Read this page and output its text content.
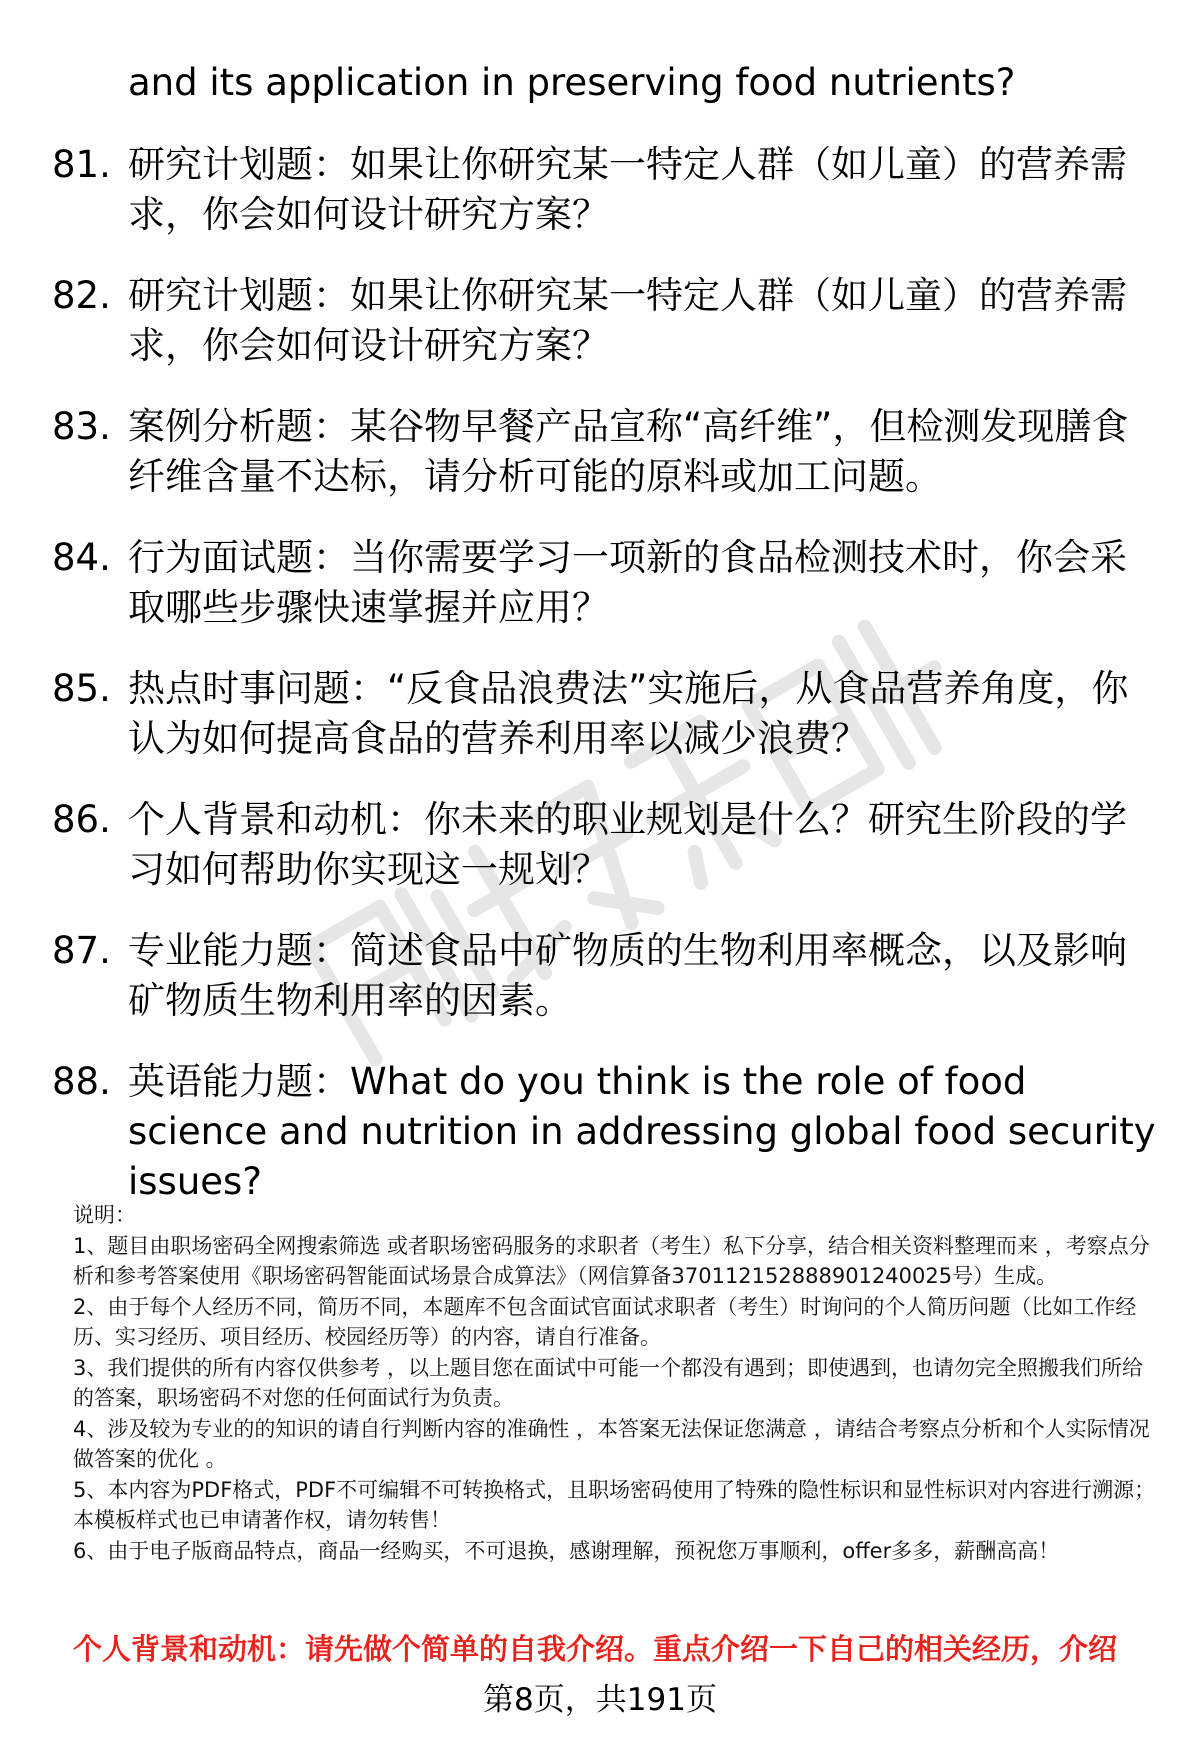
and its application in preserving food nutrients?
81. 研究计划题：如果让你研究某一特定人群（如儿童）的营养需求，你会如何设计研究方案？
82. 研究计划题：如果让你研究某一特定人群（如儿童）的营养需求，你会如何设计研究方案？
83. 案例分析题：某谷物早餐产品宣称“高纤维”，但检测发现膳食纤维含量不达标，请分析可能的原料或加工问题。
84. 行为面试题：当你需要学习一项新的食品检测技术时，你会采取哪些步骤快速掌握并应用？
85. 热点时事问题：“反食品浪费法”实施后，从食品营养角度，你认为如何提高食品的营养利用率以减少浪费？
86. 个人背景和动机：你未来的职业规划是什么？研究生阶段的学习如何帮助你实现这一规划？
87. 专业能力题：简述食品中矿物质的生物利用率概念，以及影响矿物质生物利用率的因素。
88. 英语能力题：What do you think is the role of food science and nutrition in addressing global food security issues?
说明：
1、题目由职场密码全网搜索筛选 或者职场密码服务的求职者（考生）私下分享，结合相关资料整理而来 ，考察点分析和参考答案使用《职场密码智能面试场景合成算法》（网信算备370112152888901240025号）生成。
2、由于每个人经历不同，简历不同，本题库不包含面试官面试求职者（考生）时询问的个人简历问题（比如工作经历、实习经历、项目经历、校园经历等）的内容，请自行准备。
3、我们提供的所有内容仅供参考 ，以上题目您在面试中可能一个都没有遇到；即使遇到，也请勿完全照搬我们所给的答案，职场密码不对您的任何面试行为负责。
4、涉及较为专业的的知识的请自行判断内容的准确性 ，本答案无法保证您满意 ，请结合考察点分析和个人实际情况做答案的优化 。
5、本内容为PDF格式，PDF不可编辑不可转换格式，且职场密码使用了特殊的隐性标识和显性标识对内容进行溯源；本模板样式也已申请著作权，请勿转售！
6、由于电子版商品特点，商品一经购买，不可退换，感谢理解，预祝您万事顺利，offer多多，薪酬高高！
个人背景和动机：请先做个简单的自我介绍。重点介绍一下自己的相关经历，介绍
第8页，共191页
